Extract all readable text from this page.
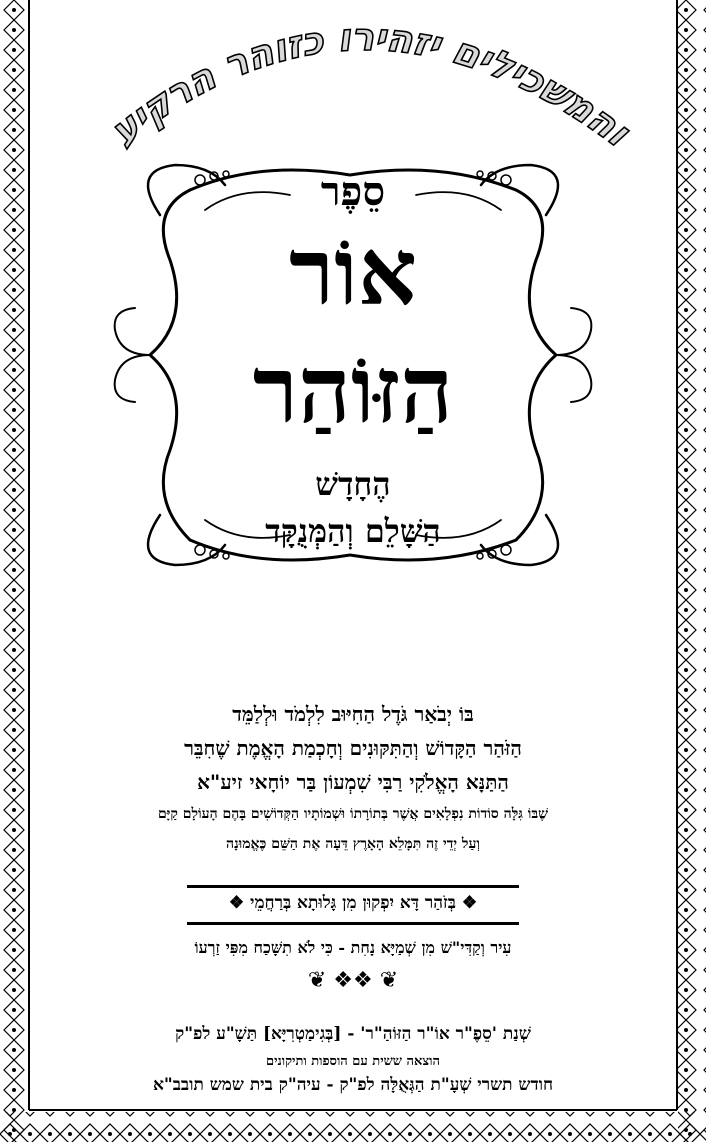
והמשכילים יזהירו כזוהר הרקיע
סֵפֶר
אוֹר
הַזּוֹהַר
הֶחָדָשׁ
הַשָּׁלֵם וְהַמְּנֻקָּד
בּוֹ יְבֹאַר גֹּדֶל הַחִיּוּב לִלְמֹד וּלְלַמֵּד
הַזֹּהַר הַקָּדוֹשׁ וְהַתִּקּוּנִים וְחָכְמַת הָאֱמֶת שֶׁחִבֵּר
הַתַּנָּא הָאֱלֹקִי רַבִּי שִׁמְעוֹן בַּר יוֹחָאי זיע"א
שֶׁבּוֹ גִּלָּה סוֹדוֹת נִפְלָאִים אֲשֶׁר בְּתוֹרָתוֹ וּשְׁמוֹתָיו הַקְּדוֹשִׁים בָּהֶם הָעוֹלָם קַיָּם
וְעַל יְדֵי זֶה תִּמָּלֵא הָאָרֶץ דֵּעָה אֶת הַשֵּׁם כֶּאֱמוּנָה
❖ בְּזֹהַר דָּא יִפְקוּן מִן גָּלוּתָא בְּרַחֲמֵי ❖
עִיר וְקַדִּי"שׁ מִן שְׁמַיָּא נָחִת - כִּי לֹא תִשָּׁכַח מִפִּי זַרְעוֹ
❦ ❖❖ ❦
שְׁנַת 'סֵפֶ"ר אוֹ"ר הַזּוֹהַ"ר' - [בְּגִימַטְרִיָּא] תַּשָׁ"ע לפ"ק
הוצאה ששית עם הוספות ותיקונים
חודש תשרי שְׁעָ"ת הַגְּאֻלָּה לפ"ק - עיה"ק בית שמש תובב"א
